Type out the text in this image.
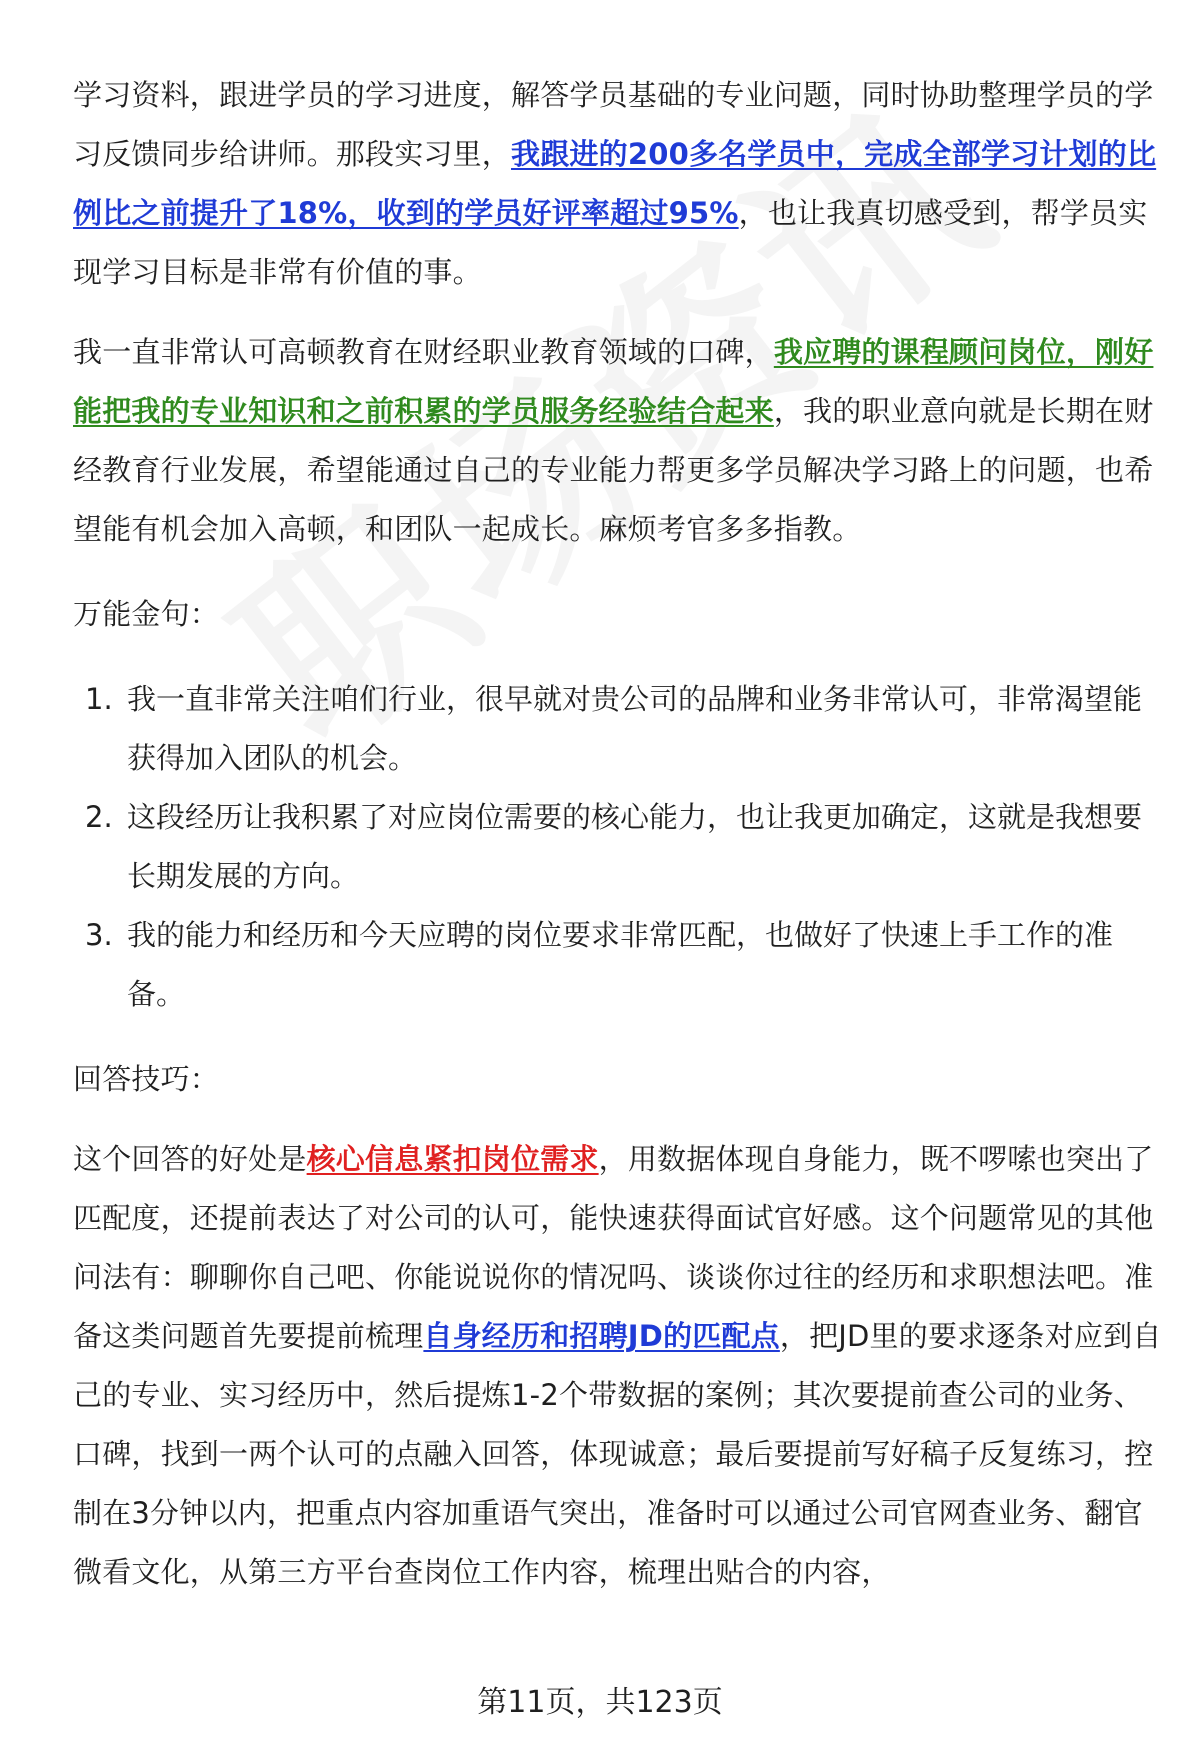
学习资料，跟进学员的学习进度，解答学员基础的专业问题，同时协助整理学员的学习反馈同步给讲师。那段实习里，我跟进的200多名学员中，完成全部学习计划的比例比之前提升了18%，收到的学员好评率超过95%，也让我真切感受到，帮学员实现学习目标是非常有价值的事。

我一直非常认可高顿教育在财经职业教育领域的口碑，我应聘的课程顾问岗位，刚好能把我的专业知识和之前积累的学员服务经验结合起来，我的职业意向就是长期在财经教育行业发展，希望能通过自己的专业能力帮更多学员解决学习路上的问题，也希望能有机会加入高顿，和团队一起成长。麻烦考官多多指教。

万能金句：

1. 我一直非常关注咱们行业，很早就对贵公司的品牌和业务非常认可，非常渴望能获得加入团队的机会。
2. 这段经历让我积累了对应岗位需要的核心能力，也让我更加确定，这就是我想要长期发展的方向。
3. 我的能力和经历和今天应聘的岗位要求非常匹配，也做好了快速上手工作的准备。

回答技巧：

这个回答的好处是核心信息紧扣岗位需求，用数据体现自身能力，既不啰嗦也突出了匹配度，还提前表达了对公司的认可，能快速获得面试官好感。这个问题常见的其他问法有：聊聊你自己吧、你能说说你的情况吗、谈谈你过往的经历和求职想法吧。准备这类问题首先要提前梳理自身经历和招聘JD的匹配点，把JD里的要求逐条对应到自己的专业、实习经历中，然后提炼1-2个带数据的案例；其次要提前查公司的业务、口碑，找到一两个认可的点融入回答，体现诚意；最后要提前写好稿子反复练习，控制在3分钟以内，把重点内容加重语气突出，准备时可以通过公司官网查业务、翻官微看文化，从第三方平台查岗位工作内容，梳理出贴合的内容，

第11页，共123页
